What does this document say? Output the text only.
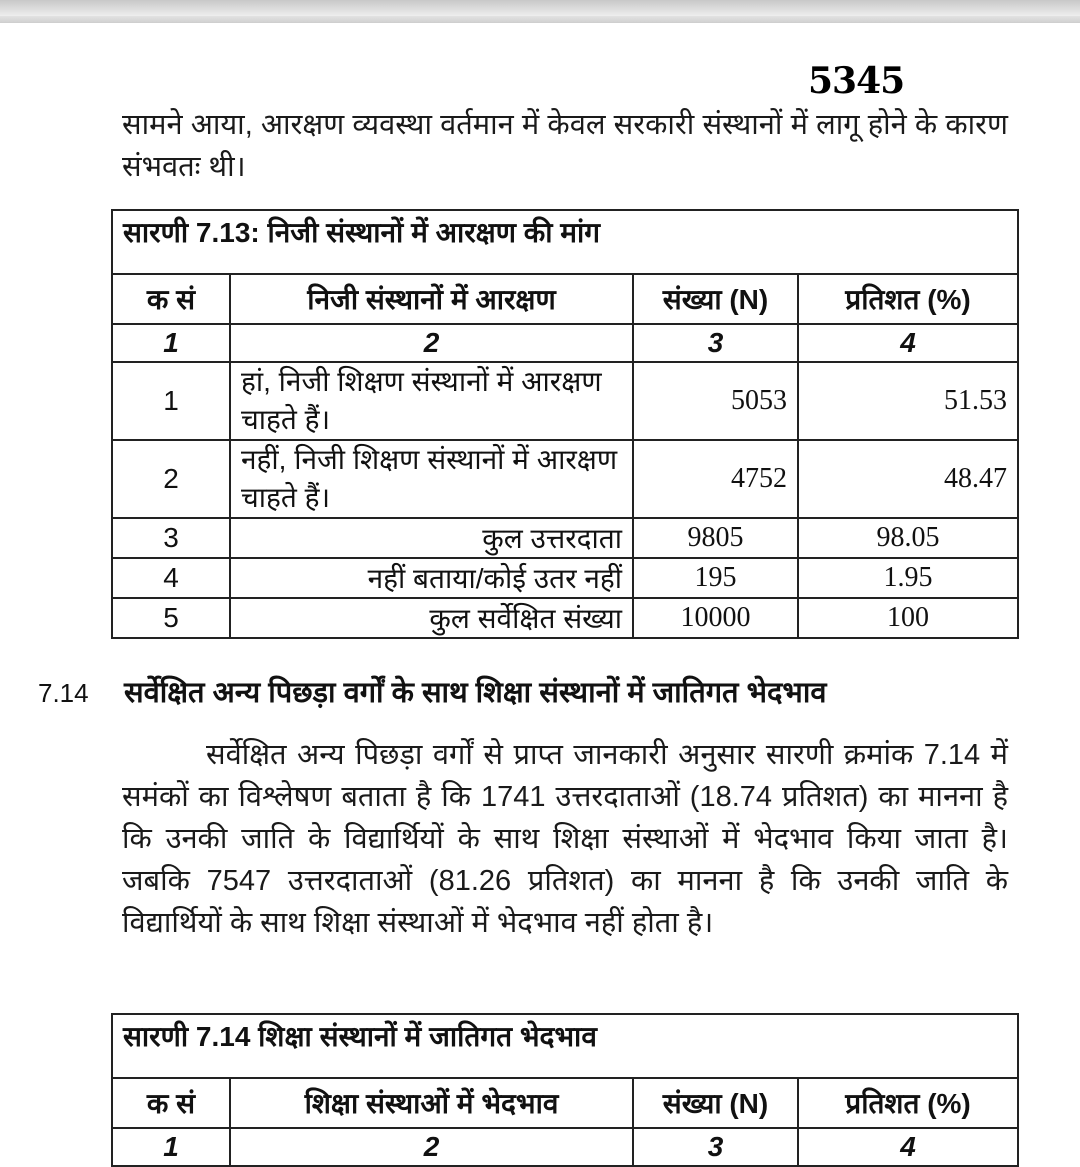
5345
सामने आया, आरक्षण व्यवस्था वर्तमान में केवल सरकारी संस्थानों में लागू होने के कारण संभवतः थी।
सारणी 7.13: निजी संस्थानों में आरक्षण की मांग			
क सं	निजी संस्थानों में आरक्षण	संख्या (N)	प्रतिशत (%)
1	2	3	4
1	हां, निजी शिक्षण संस्थानों में आरक्षण चाहते हैं।	5053	51.53
2	नहीं, निजी शिक्षण संस्थानों में आरक्षण चाहते हैं।	4752	48.47
3	कुल उत्तरदाता	9805	98.05
4	नहीं बताया/कोई उतर नहीं	195	1.95
5	कुल सर्वेक्षित संख्या	10000	100
7.14	सर्वेक्षित अन्य पिछड़ा वर्गों के साथ शिक्षा संस्थानों में जातिगत भेदभाव
सर्वेक्षित अन्य पिछड़ा वर्गों से प्राप्त जानकारी अनुसार सारणी क्रमांक 7.14 में समंकों का विश्लेषण बताता है कि 1741 उत्तरदाताओं (18.74 प्रतिशत) का मानना है कि उनकी जाति के विद्यार्थियों के साथ शिक्षा संस्थाओं में भेदभाव किया जाता है। जबकि 7547 उत्तरदाताओं (81.26 प्रतिशत) का मानना है कि उनकी जाति के विद्यार्थियों के साथ शिक्षा संस्थाओं में भेदभाव नहीं होता है।
सारणी 7.14 शिक्षा संस्थानों में जातिगत भेदभाव			
क सं	शिक्षा संस्थाओं में भेदभाव	संख्या (N)	प्रतिशत (%)
1	2	3	4
